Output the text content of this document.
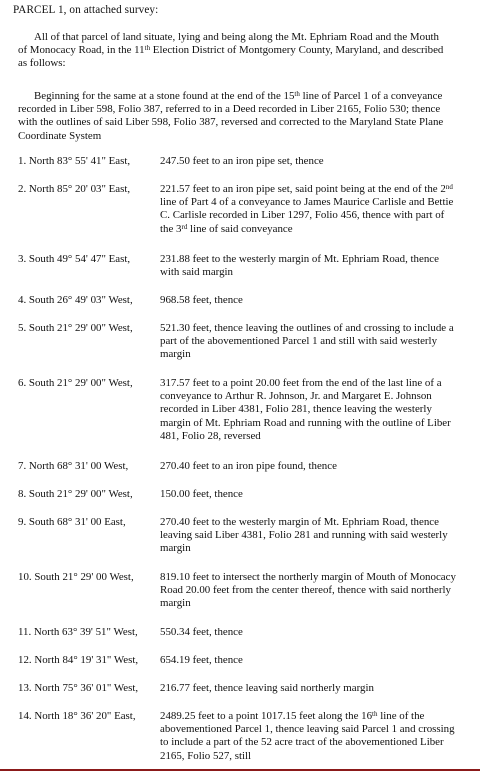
PARCEL 1, on attached survey:
All of that parcel of land situate, lying and being along the Mt. Ephriam Road and the Mouth of Monocacy Road, in the 11th Election District of Montgomery County, Maryland, and described as follows:
Beginning for the same at a stone found at the end of the 15th line of Parcel 1 of a conveyance recorded in Liber 598, Folio 387, referred to in a Deed recorded in Liber 2165, Folio 530; thence with the outlines of said Liber 598, Folio 387, reversed and corrected to the Maryland State Plane Coordinate System
1. North 83° 55' 41" East,	247.50 feet to an iron pipe set, thence
2. North 85° 20' 03" East,	221.57 feet to an iron pipe set, said point being at the end of the 2nd line of Part 4 of a conveyance to James Maurice Carlisle and Bettie C. Carlisle recorded in Liber 1297, Folio 456, thence with part of the 3rd line of said conveyance
3. South 49° 54' 47" East,	231.88 feet to the westerly margin of Mt. Ephriam Road, thence with said margin
4. South 26° 49' 03" West,	968.58 feet, thence
5. South 21° 29' 00" West,	521.30 feet, thence leaving the outlines of and crossing to include a part of the abovementioned Parcel 1 and still with said westerly margin
6. South 21° 29' 00" West,	317.57 feet to a point 20.00 feet from the end of the last line of a conveyance to Arthur R. Johnson, Jr. and Margaret E. Johnson recorded in Liber 4381, Folio 281, thence leaving the westerly margin of Mt. Ephriam Road and running with the outline of Liber 481, Folio 28, reversed
7. North 68° 31' 00 West,	270.40 feet to an iron pipe found, thence
8. South 21° 29' 00" West,	150.00 feet, thence
9. South 68° 31' 00 East,	270.40 feet to the westerly margin of Mt. Ephriam Road, thence leaving said Liber 4381, Folio 281 and running with said westerly margin
10. South 21° 29' 00 West, 819.10 feet to intersect the northerly margin of Mouth of Monocacy Road 20.00 feet from the center thereof, thence with said northerly margin
11. North 63° 39' 51" West, 550.34 feet, thence
12. North 84° 19' 31" West, 654.19 feet, thence
13. North 75° 36' 01" West, 216.77 feet, thence leaving said northerly margin
14. North 18° 36' 20" East, 2489.25 feet to a point 1017.15 feet along the 16th line of the abovementioned Parcel 1, thence leaving said Parcel 1 and crossing to include a part of the 52 acre tract of the abovementioned Liber 2165, Folio 527, still
